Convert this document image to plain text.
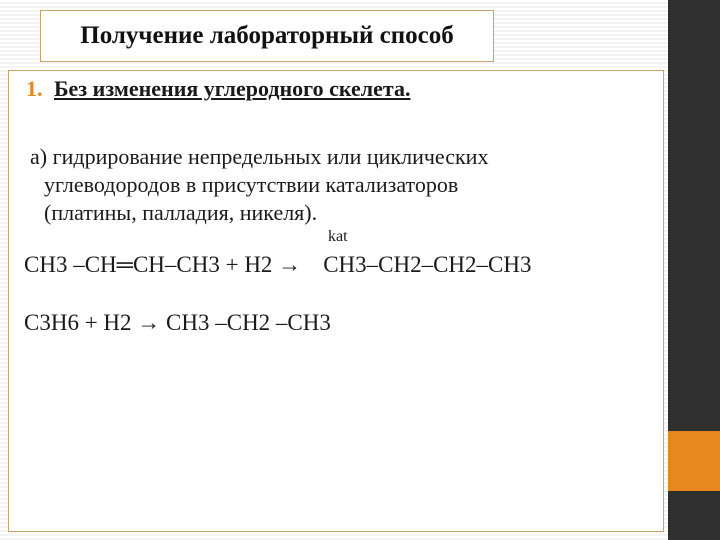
Получение лабораторный способ
1. Без изменения углеродного скелета.
а) гидрирование непредельных или циклических
углеводородов в присутствии катализаторов
(платины, палладия, никеля).
kat
CH3 –CH═CH–CH3 + H2 → CH3–CH2–CH2–CH3
C3H6 + H2 → CH3 –CH2 –CH3
